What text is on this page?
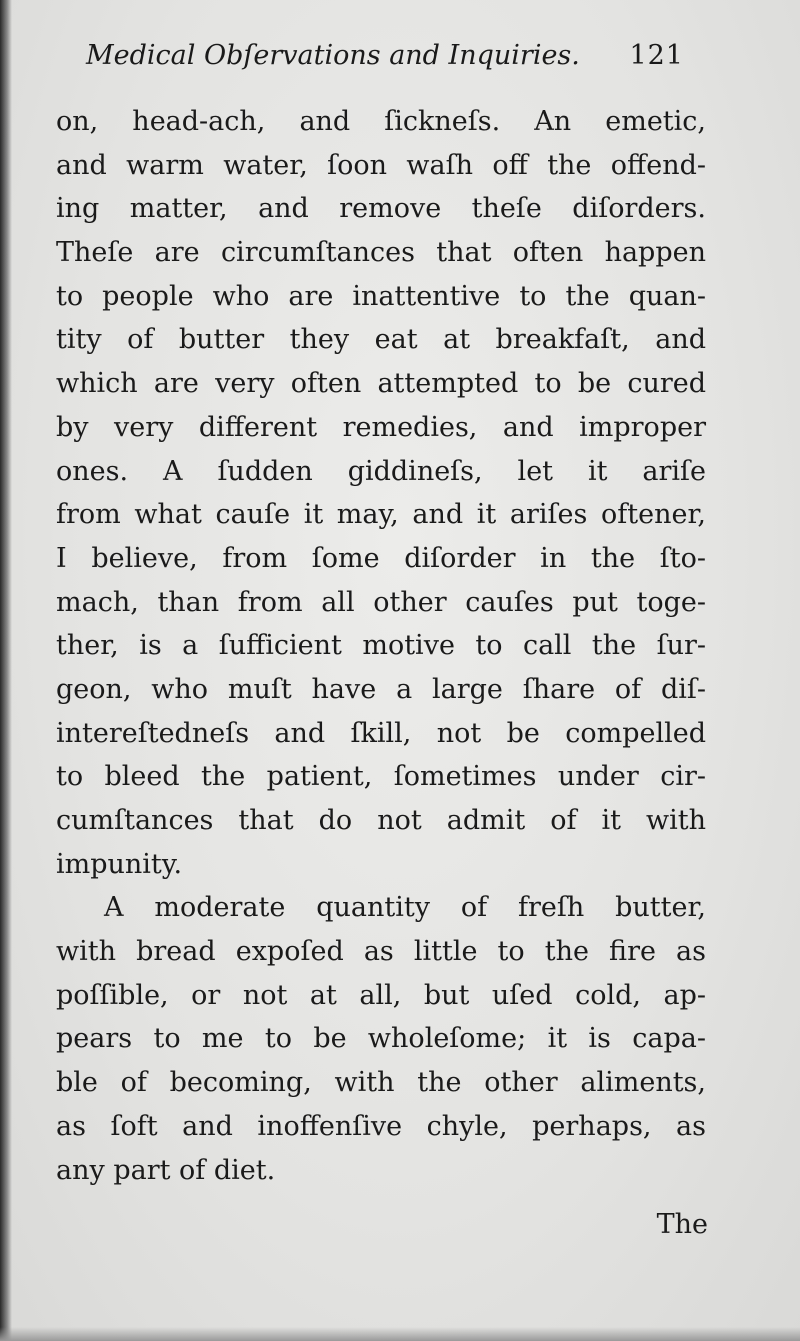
Medical Obſervations and Inquiries. 121
on, head-ach, and ſickneſs. An emetic,
and warm water, ſoon waſh off the offend-
ing matter, and remove theſe diſorders.
Theſe are circumſtances that often happen
to people who are inattentive to the quan-
tity of butter they eat at breakfaſt, and
which are very often attempted to be cured
by very different remedies, and improper
ones. A ſudden giddineſs, let it ariſe
from what cauſe it may, and it ariſes oftener,
I believe, from ſome diſorder in the ſto-
mach, than from all other cauſes put toge-
ther, is a ſufficient motive to call the ſur-
geon, who muſt have a large ſhare of diſ-
intereſtedneſs and ſkill, not be compelled
to bleed the patient, ſometimes under cir-
cumſtances that do not admit of it with
impunity.
A moderate quantity of freſh butter,
with bread expoſed as little to the fire as
poſſible, or not at all, but uſed cold, ap-
pears to me to be wholeſome; it is capa-
ble of becoming, with the other aliments,
as ſoft and inoffenſive chyle, perhaps, as
any part of diet.
The
